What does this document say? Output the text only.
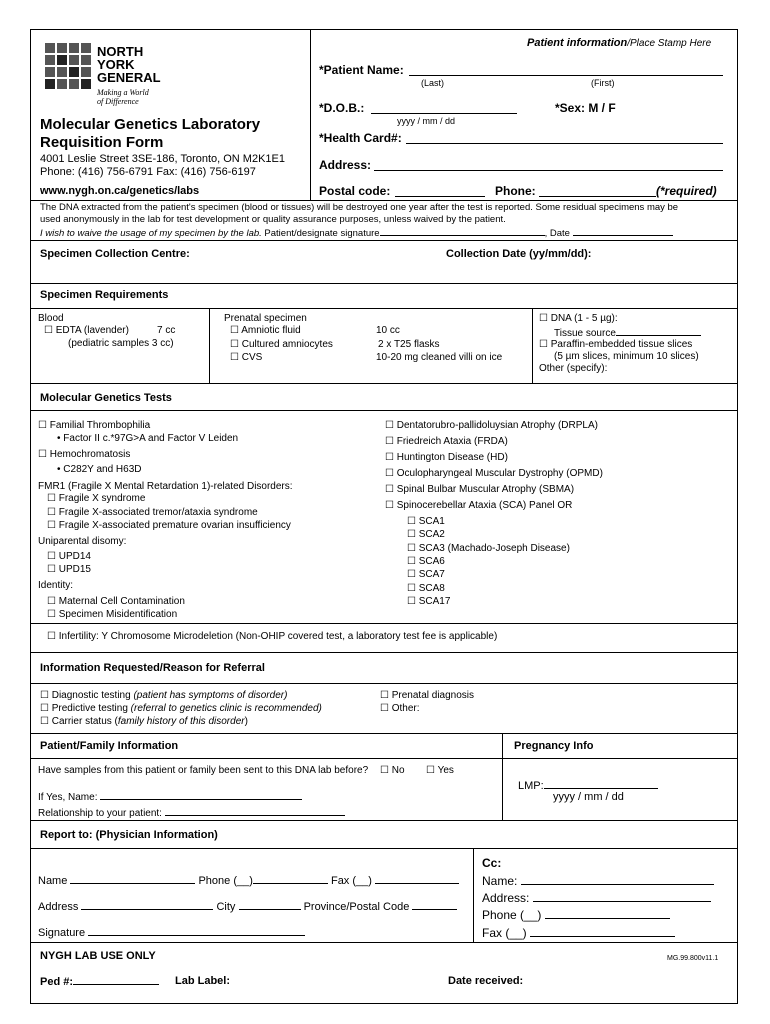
NORTH
YORK
GENERAL
Making a World
of Difference
Molecular Genetics Laboratory
Requisition Form
4001 Leslie Street 3SE-186, Toronto, ON M2K1E1
Phone: (416) 756-6791 Fax: (416) 756-6197
www.nygh.on.ca/genetics/labs
Patient information/Place Stamp Here
*Patient Name:
(Last)	(First)
*D.O.B.:	*Sex: M / F
yyyy / mm / dd
*Health Card#:
Address:
Postal code:	Phone:	(*required)
The DNA extracted from the patient's specimen (blood or tissues) will be destroyed one year after the test is reported. Some residual specimens may be
used anonymously in the lab for test development or quality assurance purposes, unless waived by the patient.
I wish to waive the usage of my specimen by the lab. Patient/designate signature	, Date
Specimen Collection Centre:	Collection Date (yy/mm/dd):
Specimen Requirements
Blood
☐ EDTA (lavender)	7 cc
(pediatric samples 3 cc)
Prenatal specimen
☐ Amniotic fluid	10 cc
☐ Cultured amniocytes	2 x T25 flasks
☐ CVS	10-20 mg cleaned villi on ice
☐ DNA (1 - 5 µg):
Tissue source
☐ Paraffin-embedded tissue slices
(5 µm slices, minimum 10 slices)
Other (specify):
Molecular Genetics Tests
☐ Familial Thrombophilia
• Factor II c.*97G>A and Factor V Leiden
☐ Hemochromatosis
• C282Y and H63D
FMR1 (Fragile X Mental Retardation 1)-related Disorders:
☐ Fragile X syndrome
☐ Fragile X-associated tremor/ataxia syndrome
☐ Fragile X-associated premature ovarian insufficiency
Uniparental disomy:
☐ UPD14
☐ UPD15
Identity:
☐ Maternal Cell Contamination
☐ Specimen Misidentification
☐ Dentatorubro-pallidoluysian Atrophy (DRPLA)
☐ Friedreich Ataxia (FRDA)
☐ Huntington Disease (HD)
☐ Oculopharyngeal Muscular Dystrophy (OPMD)
☐ Spinal Bulbar Muscular Atrophy (SBMA)
☐ Spinocerebellar Ataxia (SCA) Panel OR
☐ SCA1
☐ SCA2
☐ SCA3 (Machado-Joseph Disease)
☐ SCA6
☐ SCA7
☐ SCA8
☐ SCA17
☐ Infertility: Y Chromosome Microdeletion (Non-OHIP covered test, a laboratory test fee is applicable)
Information Requested/Reason for Referral
☐ Diagnostic testing (patient has symptoms of disorder)
☐ Predictive testing (referral to genetics clinic is recommended)
☐ Carrier status (family history of this disorder)
☐ Prenatal diagnosis
☐ Other:
Patient/Family Information	Pregnancy Info
Have samples from this patient or family been sent to this DNA lab before? ☐ No ☐ Yes
If Yes, Name:
Relationship to your patient:
LMP:
yyyy / mm / dd
Report to: (Physician Information)
Name	Phone (__)	Fax (__)
Address	City	Province/Postal Code
Signature
Cc:
Name:
Address:
Phone (__)
Fax (__)
NYGH LAB USE ONLY	MG.99.800v11.1
Ped #:	Lab Label:	Date received:
